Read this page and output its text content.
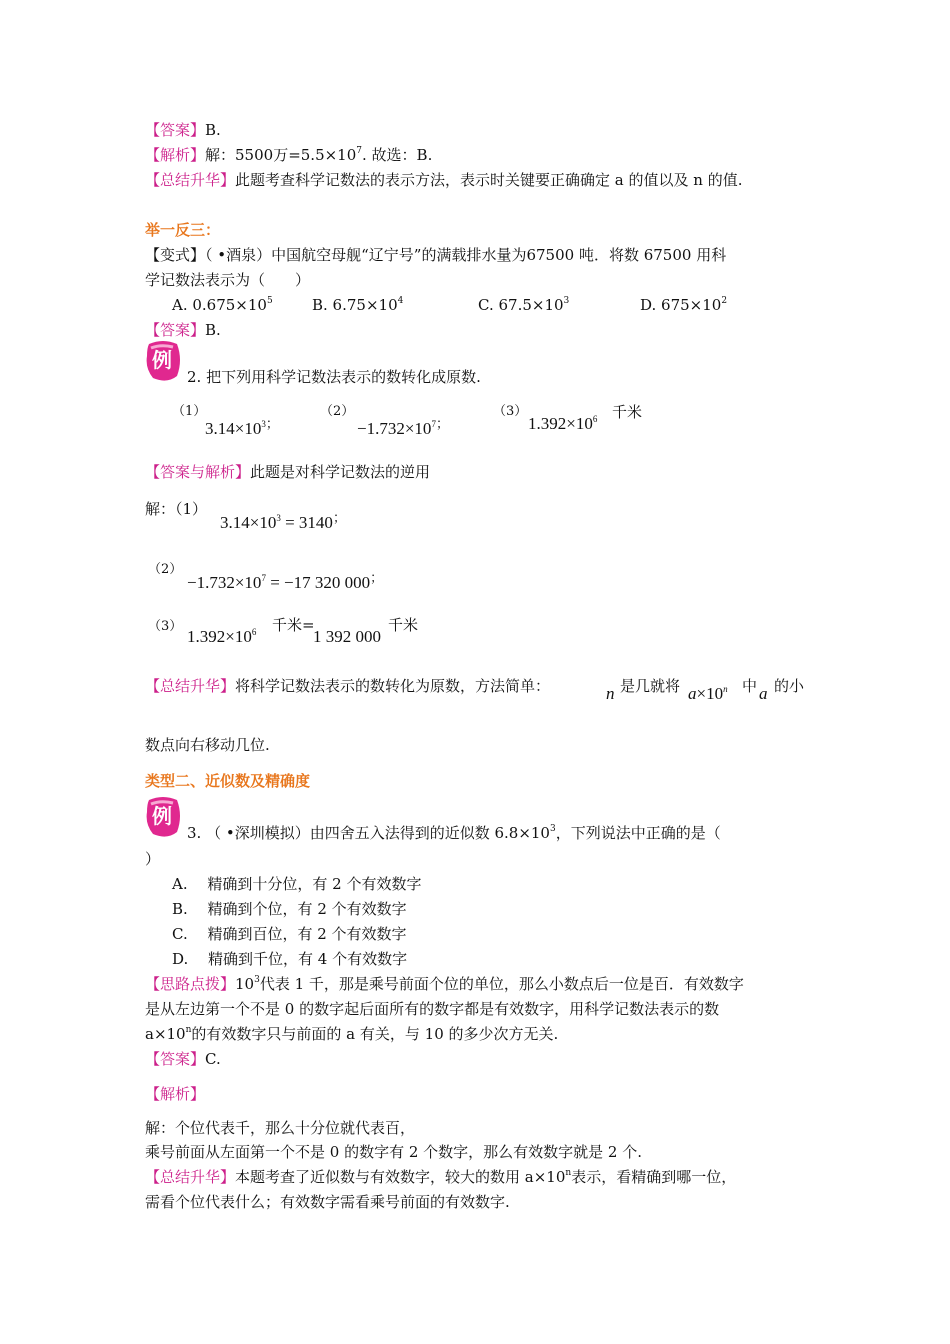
【答案】B.
【解析】解：5500万$=5.5\times 10^7$. 故选：B.
【总结升华】此题考查科学记数法的表示方法，表示时关键要正确确定 a 的值以及 n 的值.
举一反三：
【变式】（ •酒泉）中国航空母舰“辽宁号”的满载排水量为67500 吨．将数 67500 用科
学记数法表示为（　　）
A. $0.675\times 10^5$	B. $6.75\times 10^4$	C. $67.5\times 10^3$	D. $675\times 10^2$
【答案】B.
例
2. 把下列用科学记数法表示的数转化成原数.
（1）
$3.14\times 10^{3;}$
（2）
$-1.732\times 10^{7;}$
（3）
$1.392\times 10^6$ 千米
【答案与解析】此题是对科学记数法的逆用
解：（1）
$3.14\times 10^3 = 3140^;$
（2）
$-1.732\times 10^7 = -17$ 320 000；
（3）
$1.392\times 10^6$ 千米=
1 392 000
千米
【总结升华】将科学记数法表示的数转化为原数，方法简单：	n 是几就将 $a\times 10^n$ 中 a 的小
数点向右移动几位.
类型二、近似数及精确度
例
3. （ •深圳模拟）由四舍五入法得到的近似数 $6.8\times 10^3$，下列说法中正确的是（
）
A.　 精确到十分位，有 2 个有效数字
B.　 精确到个位，有 2 个有效数字
C.　 精确到百位，有 2 个有效数字
D.　 精确到千位，有 4 个有效数字
【思路点拨】$10^3$代表 1 千，那是乘号前面个位的单位，那么小数点后一位是百．有效数字
是从左边第一个不是 0 的数字起后面所有的数字都是有效数字，用科学记数法表示的数
$a\times 10^n$的有效数字只与前面的 a 有关，与 10 的多少次方无关.
【答案】C.
【解析】
解：个位代表千，那么十分位就代表百，
乘号前面从左面第一个不是 0 的数字有 2 个数字，那么有效数字就是 2 个.
【总结升华】本题考查了近似数与有效数字，较大的数用 $a\times 10^n$表示，看精确到哪一位，
需看个位代表什么；有效数字需看乘号前面的有效数字.
